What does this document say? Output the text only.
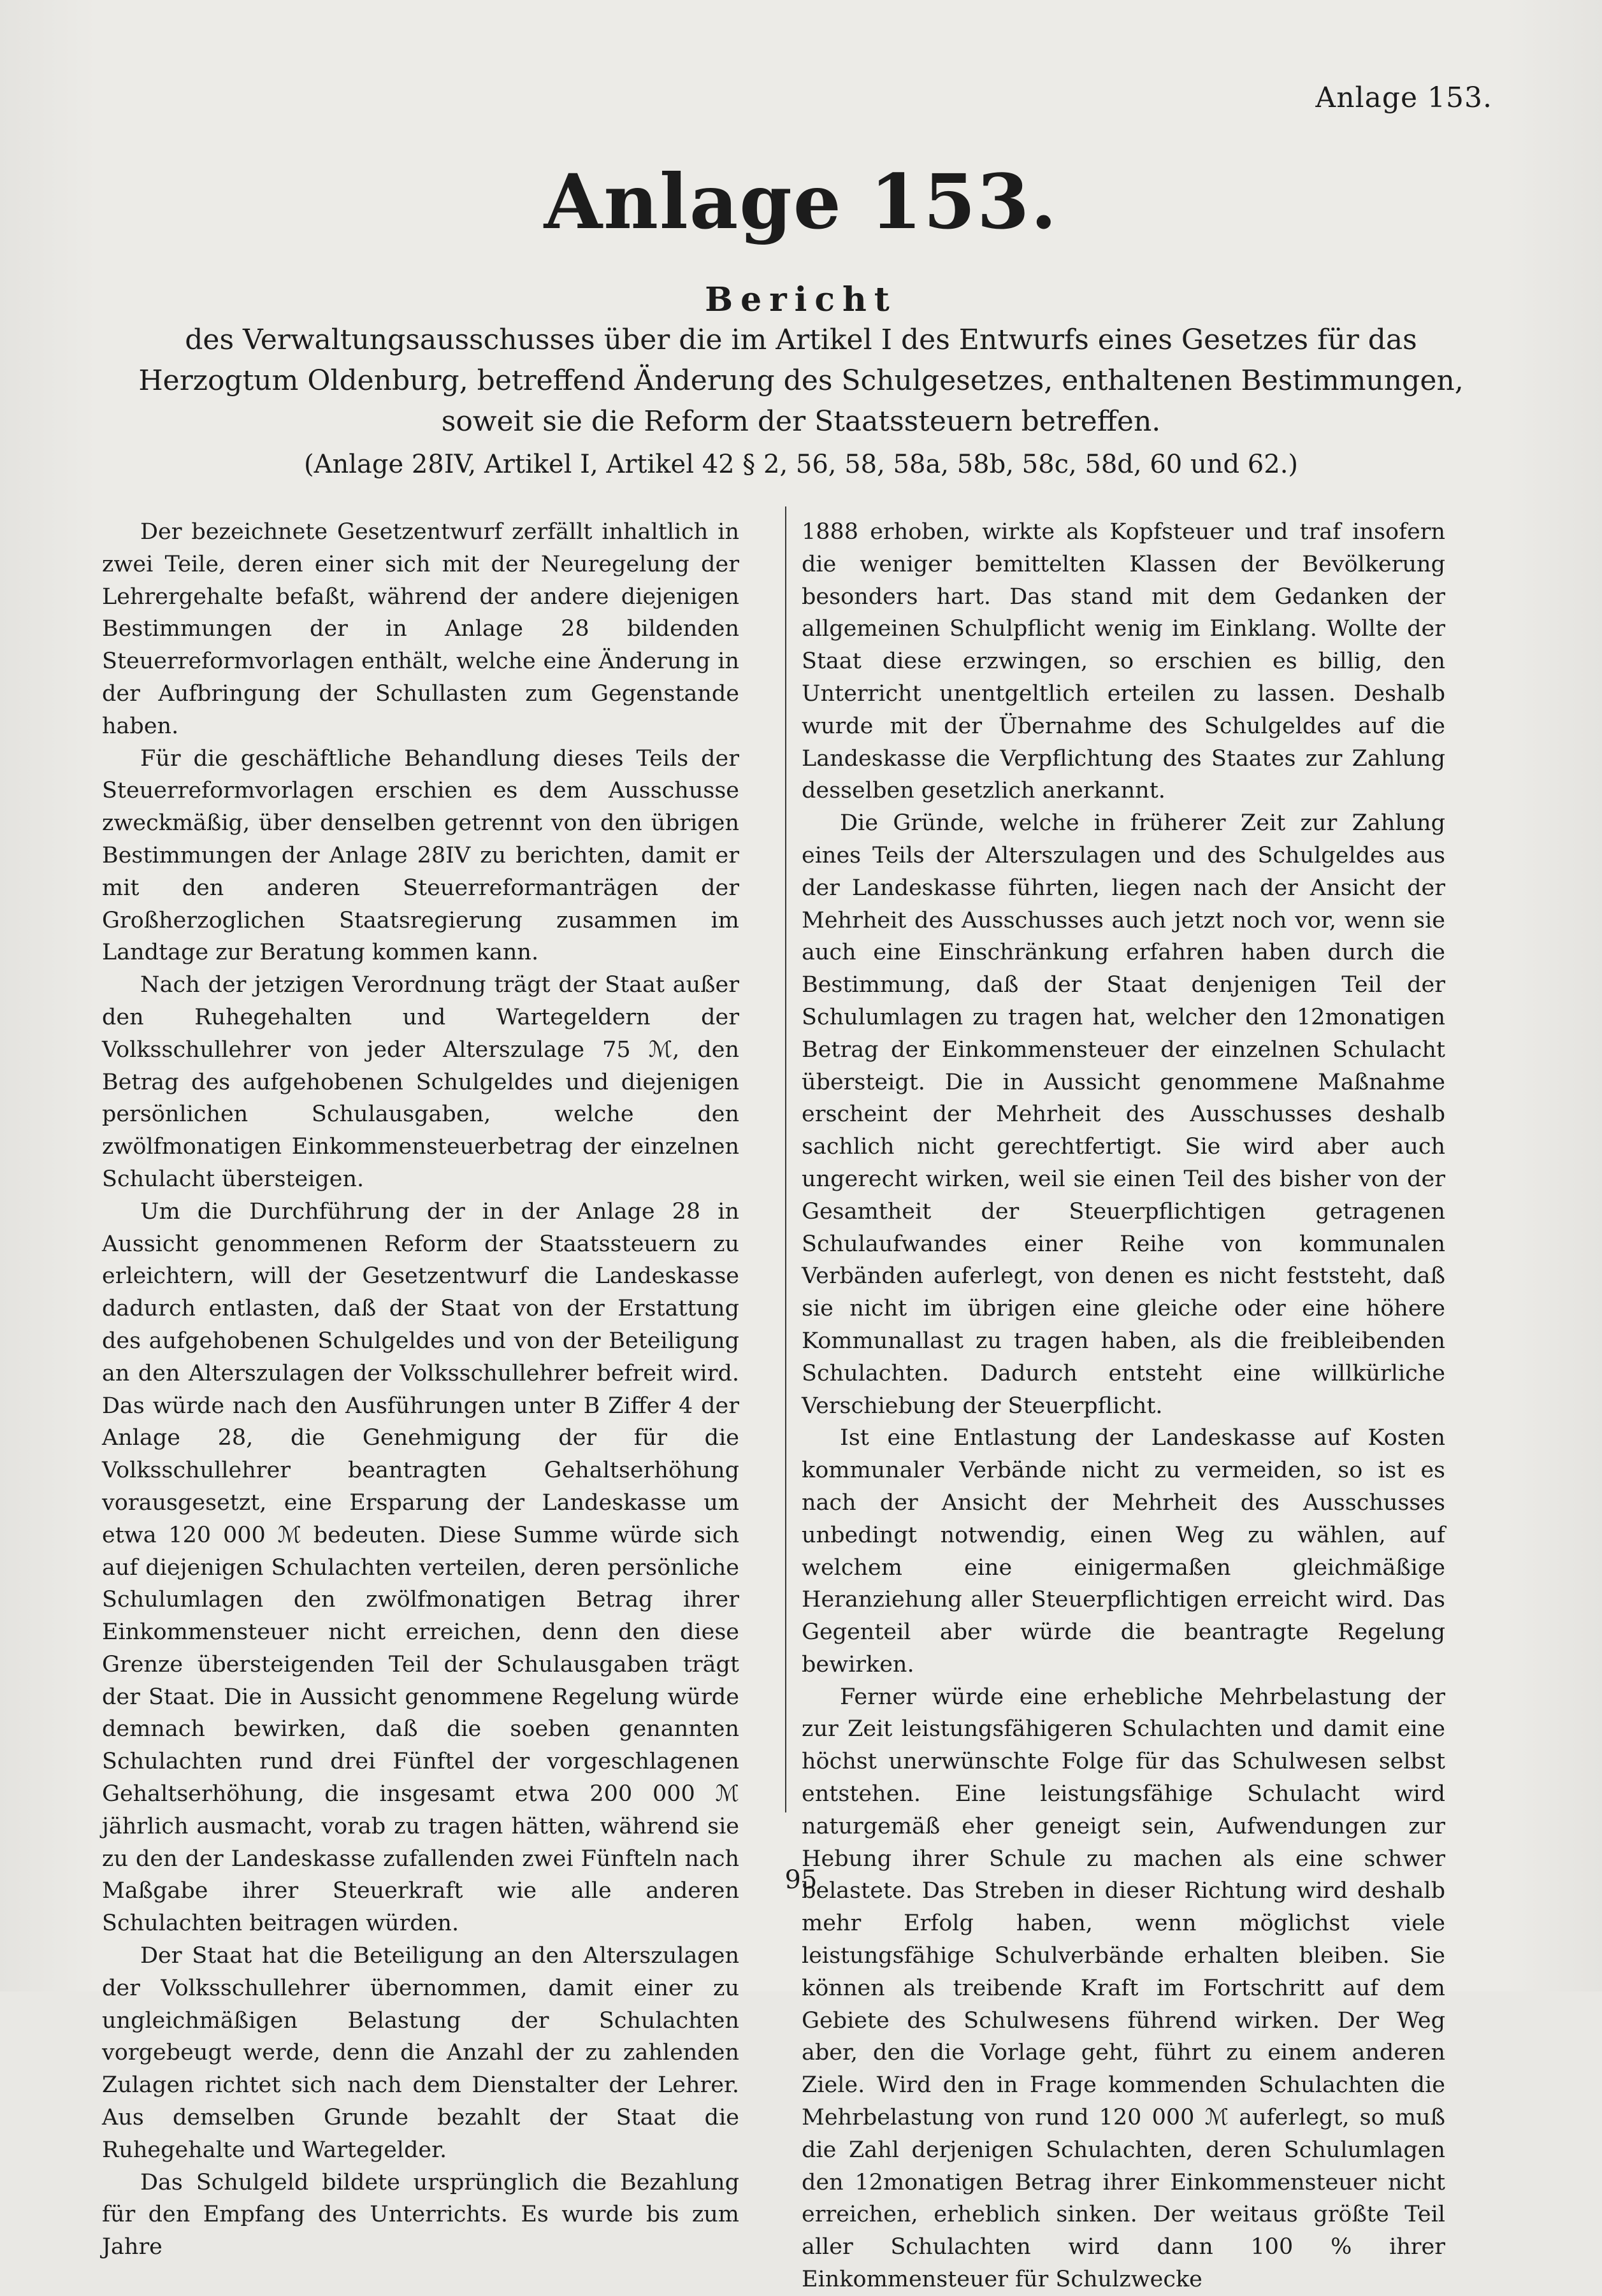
Anlage 153.
Anlage 153.
Bericht
des Verwaltungsausschusses über die im Artikel I des Entwurfs eines Gesetzes für das Herzogtum Oldenburg, betreffend Änderung des Schulgesetzes, enthaltenen Bestimmungen, soweit sie die Reform der Staatssteuern betreffen.
(Anlage 28IV, Artikel I, Artikel 42 § 2, 56, 58, 58a, 58b, 58c, 58d, 60 und 62.)

Der bezeichnete Gesetzentwurf zerfällt inhaltlich in zwei Teile, deren einer sich mit der Neuregelung der Lehrergehalte befaßt, während der andere diejenigen Bestimmungen der in Anlage 28 bildenden Steuerreformvorlagen enthält, welche eine Änderung in der Aufbringung der Schullasten zum Gegenstande haben.

Für die geschäftliche Behandlung dieses Teils der Steuerreformvorlagen erschien es dem Ausschusse zweckmäßig, über denselben getrennt von den übrigen Bestimmungen der Anlage 28IV zu berichten, damit er mit den anderen Steuerreformanträgen der Großherzoglichen Staatsregierung zusammen im Landtage zur Beratung kommen kann.

Nach der jetzigen Verordnung trägt der Staat außer den Ruhegehalten und Wartegeldern der Volksschullehrer von jeder Alterszulage 75 ℳ, den Betrag des aufgehobenen Schulgeldes und diejenigen persönlichen Schulausgaben, welche den zwölfmonatigen Einkommensteuerbetrag der einzelnen Schulacht übersteigen.

Um die Durchführung der in der Anlage 28 in Aussicht genommenen Reform der Staatssteuern zu erleichtern, will der Gesetzentwurf die Landeskasse dadurch entlasten, daß der Staat von der Erstattung des aufgehobenen Schulgeldes und von der Beteiligung an den Alterszulagen der Volksschullehrer befreit wird. Das würde nach den Ausführungen unter B Ziffer 4 der Anlage 28, die Genehmigung der für die Volksschullehrer beantragten Gehaltserhöhung vorausgesetzt, eine Ersparung der Landeskasse um etwa 120 000 ℳ bedeuten. Diese Summe würde sich auf diejenigen Schulachten verteilen, deren persönliche Schulumlagen den zwölfmonatigen Betrag ihrer Einkommensteuer nicht erreichen, denn den diese Grenze übersteigenden Teil der Schulausgaben trägt der Staat. Die in Aussicht genommene Regelung würde demnach bewirken, daß die soeben genannten Schulachten rund drei Fünftel der vorgeschlagenen Gehaltserhöhung, die insgesamt etwa 200 000 ℳ jährlich ausmacht, vorab zu tragen hätten, während sie zu den der Landeskasse zufallenden zwei Fünfteln nach Maßgabe ihrer Steuerkraft wie alle anderen Schulachten beitragen würden.

Der Staat hat die Beteiligung an den Alterszulagen der Volksschullehrer übernommen, damit einer zu ungleichmäßigen Belastung der Schulachten vorgebeugt werde, denn die Anzahl der zu zahlenden Zulagen richtet sich nach dem Dienstalter der Lehrer. Aus demselben Grunde bezahlt der Staat die Ruhegehalte und Wartegelder.

Das Schulgeld bildete ursprünglich die Bezahlung für den Empfang des Unterrichts. Es wurde bis zum Jahre

1888 erhoben, wirkte als Kopfsteuer und traf insofern die weniger bemittelten Klassen der Bevölkerung besonders hart. Das stand mit dem Gedanken der allgemeinen Schulpflicht wenig im Einklang. Wollte der Staat diese erzwingen, so erschien es billig, den Unterricht unentgeltlich erteilen zu lassen. Deshalb wurde mit der Übernahme des Schulgeldes auf die Landeskasse die Verpflichtung des Staates zur Zahlung desselben gesetzlich anerkannt.

Die Gründe, welche in früherer Zeit zur Zahlung eines Teils der Alterszulagen und des Schulgeldes aus der Landeskasse führten, liegen nach der Ansicht der Mehrheit des Ausschusses auch jetzt noch vor, wenn sie auch eine Einschränkung erfahren haben durch die Bestimmung, daß der Staat denjenigen Teil der Schulumlagen zu tragen hat, welcher den 12monatigen Betrag der Einkommensteuer der einzelnen Schulacht übersteigt. Die in Aussicht genommene Maßnahme erscheint der Mehrheit des Ausschusses deshalb sachlich nicht gerechtfertigt. Sie wird aber auch ungerecht wirken, weil sie einen Teil des bisher von der Gesamtheit der Steuerpflichtigen getragenen Schulaufwandes einer Reihe von kommunalen Verbänden auferlegt, von denen es nicht feststeht, daß sie nicht im übrigen eine gleiche oder eine höhere Kommunallast zu tragen haben, als die freibleibenden Schulachten. Dadurch entsteht eine willkürliche Verschiebung der Steuerpflicht.

Ist eine Entlastung der Landeskasse auf Kosten kommunaler Verbände nicht zu vermeiden, so ist es nach der Ansicht der Mehrheit des Ausschusses unbedingt notwendig, einen Weg zu wählen, auf welchem eine einigermaßen gleichmäßige Heranziehung aller Steuerpflichtigen erreicht wird. Das Gegenteil aber würde die beantragte Regelung bewirken.

Ferner würde eine erhebliche Mehrbelastung der zur Zeit leistungsfähigeren Schulachten und damit eine höchst unerwünschte Folge für das Schulwesen selbst entstehen. Eine leistungsfähige Schulacht wird naturgemäß eher geneigt sein, Aufwendungen zur Hebung ihrer Schule zu machen als eine schwer belastete. Das Streben in dieser Richtung wird deshalb mehr Erfolg haben, wenn möglichst viele leistungsfähige Schulverbände erhalten bleiben. Sie können als treibende Kraft im Fortschritt auf dem Gebiete des Schulwesens führend wirken. Der Weg aber, den die Vorlage geht, führt zu einem anderen Ziele. Wird den in Frage kommenden Schulachten die Mehrbelastung von rund 120 000 ℳ auferlegt, so muß die Zahl derjenigen Schulachten, deren Schulumlagen den 12monatigen Betrag ihrer Einkommensteuer nicht erreichen, erheblich sinken. Der weitaus größte Teil aller Schulachten wird dann 100 % ihrer Einkommensteuer für Schulzwecke

95
